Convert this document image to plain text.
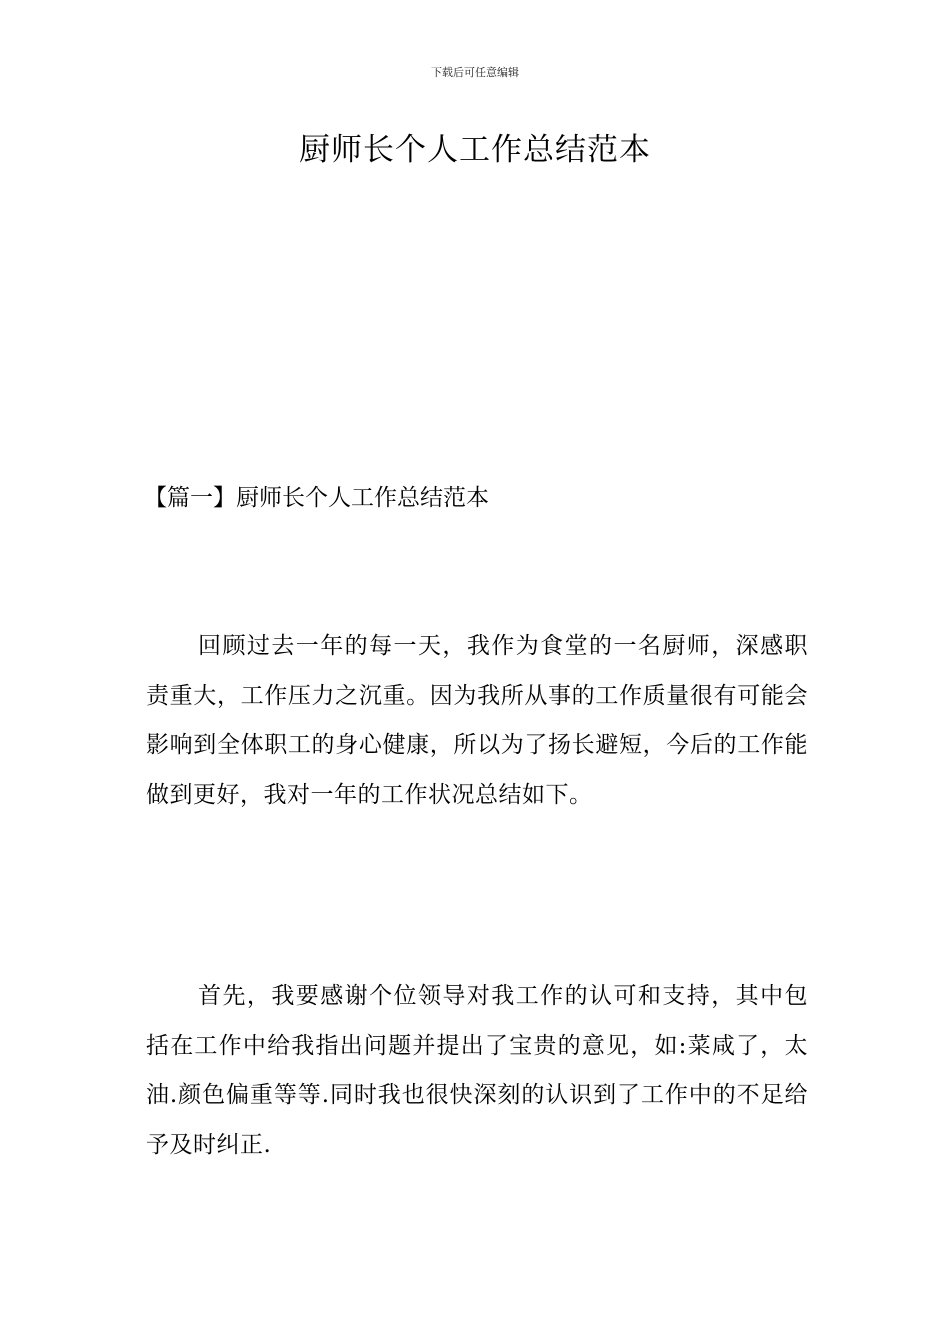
下载后可任意编辑
厨师长个人工作总结范本
【篇一】厨师长个人工作总结范本

回顾过去一年的每一天，我作为食堂的一名厨师，深感职责重大，工作压力之沉重。因为我所从事的工作质量很有可能会影响到全体职工的身心健康，所以为了扬长避短，今后的工作能做到更好，我对一年的工作状况总结如下。

首先，我要感谢个位领导对我工作的认可和支持，其中包括在工作中给我指出问题并提出了宝贵的意见，如:菜咸了，太油.颜色偏重等等.同时我也很快深刻的认识到了工作中的不足给予及时纠正.
